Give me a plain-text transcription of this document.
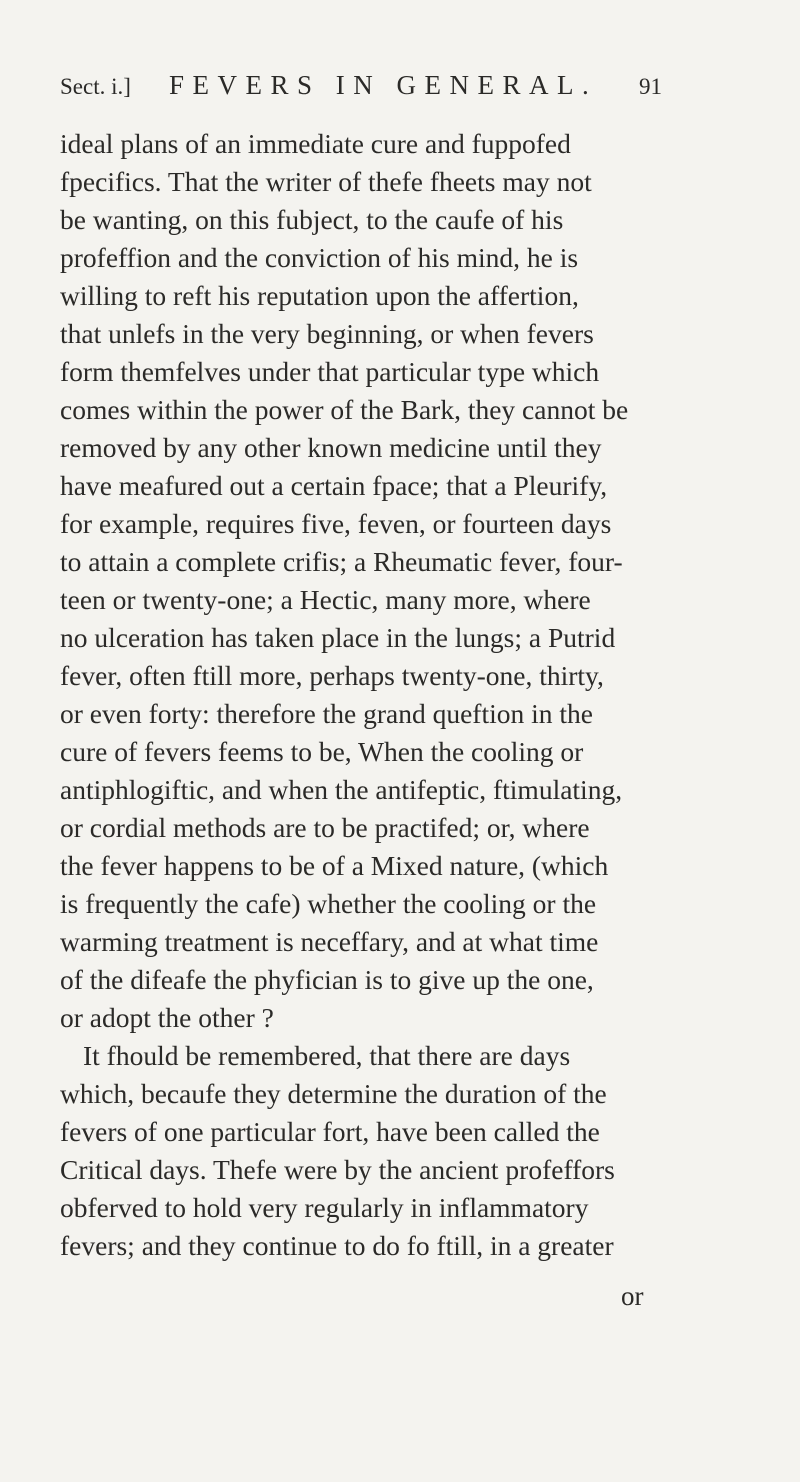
Sect. i.] FEVERS IN GENERAL. 91
ideal plans of an immediate cure and fuppofed
fpecifics. That the writer of thefe fheets may not
be wanting, on this fubject, to the caufe of his
profeffion and the conviction of his mind, he is
willing to reft his reputation upon the affertion,
that unlefs in the very beginning, or when fevers
form themfelves under that particular type which
comes within the power of the Bark, they cannot be
removed by any other known medicine until they
have meafured out a certain fpace; that a Pleurify,
for example, requires five, feven, or fourteen days
to attain a complete crifis; a Rheumatic fever, four-
teen or twenty-one; a Hectic, many more, where
no ulceration has taken place in the lungs; a Putrid
fever, often ftill more, perhaps twenty-one, thirty,
or even forty: therefore the grand queftion in the
cure of fevers feems to be, When the cooling or
antiphlogiftic, and when the antifeptic, ftimulating,
or cordial methods are to be practifed; or, where
the fever happens to be of a Mixed nature, (which
is frequently the cafe) whether the cooling or the
warming treatment is neceffary, and at what time
of the difeafe the phyfician is to give up the one,
or adopt the other ?
It fhould be remembered, that there are days
which, becaufe they determine the duration of the
fevers of one particular fort, have been called the
Critical days. Thefe were by the ancient profeffors
obferved to hold very regularly in inflammatory
fevers; and they continue to do fo ftill, in a greater
or
